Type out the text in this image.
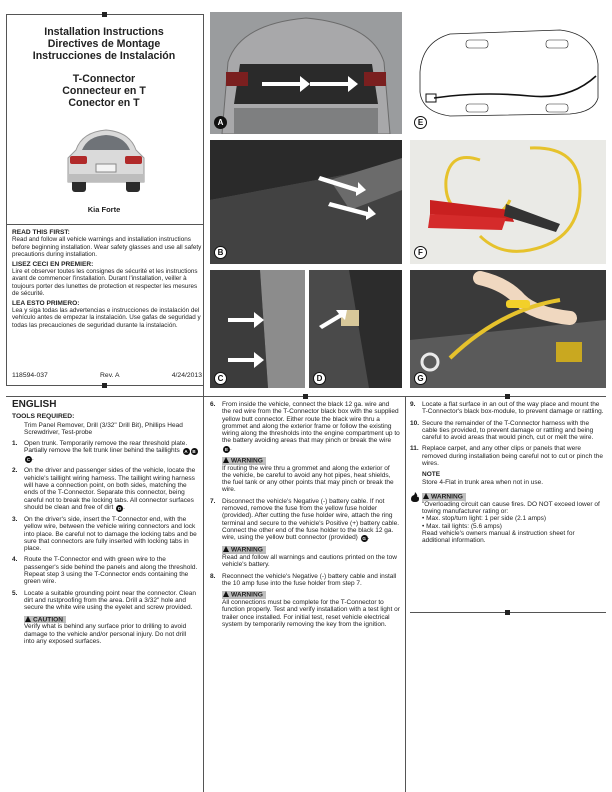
Installation Instructions
Directives de Montage
Instrucciones de Instalación
T-Connector
Connecteur en T
Conector en T
Kia Forte
READ THIS FIRST:

Read and follow all vehicle warnings and installation instructions before beginning installation. Wear safety glasses and use all safety precautions during installation.

LISEZ CECI EN PREMIER:

Lire et observer toutes les consignes de sécurité et les instructions avant de commencer l'installation. Durant l'installation, veiller à toujours porter des lunettes de protection et respecter les mesures de sécurité.

LEA ESTO PRIMERO:

Lea y siga todas las advertencias e instrucciones de instalación del vehículo antes de empezar la instalación. Use gafas de seguridad y todas las precauciones de seguridad durante la instalación.

118594-037	Rev. A	4/24/2013
A	E
B	F
C	D	G
ENGLISH
TOOLS REQUIRED:
Trim Panel Remover, Drill (3/32" Drill Bit), Phillips Head Screwdriver, Test-probe
1.	Open trunk. Temporarily remove the rear threshold plate. Partially remove the felt trunk liner behind the taillights A BC .
2.	On the driver and passenger sides of the vehicle, locate the vehicle's taillight wiring harness. The taillight wiring harness will have a connection point, on both sides, matching the ends of the T-Connector. Separate this connector, being careful not to break the locking tabs. All connector surfaces should be clean and free of dirt D .
3.	On the driver's side, insert the T-Connector end, with the yellow wire, between the vehicle wiring connectors and lock into place. Be careful not to damage the locking tabs and be sure that connectors are fully inserted with locking tabs in place.
4.	Route the T-Connector end with green wire to the passenger's side behind the panels and along the threshold. Repeat step 3 using the T-Connector ends containing the green wire.
5.	Locate a suitable grounding point near the connector. Clean dirt and rustproofing from the area. Drill a 3/32" hole and secure the white wire using the eyelet and screw provided.
CAUTION
Verify what is behind any surface prior to drilling to avoid damage to the vehicle and/or personal injury. Do not drill into any exposed surfaces.
6.	From inside the vehicle, connect the black 12 ga. wire and the red wire from the T-Connector black box with the supplied yellow butt connector. Either route the black wire thru a grommet and along the exterior frame or follow the existing wiring along the thresholds into the engine compartment up to the battery avoiding areas that may pinch or break the wire E .
WARNING
If routing the wire thru a grommet and along the exterior of the vehicle, be careful to avoid any hot pipes, heat shields, the fuel tank or any other points that may pinch or break the wire.
7.	Disconnect the vehicle's Negative (-) battery cable. If not removed, remove the fuse from the yellow fuse holder (provided). After cutting the fuse holder wire, attach the ring terminal and secure to the vehicle's Positive (+) battery cable. Connect the other end of the fuse holder to the black 12 ga. wire, using the yellow butt connector (provided) G .
WARNING
Read and follow all warnings and cautions printed on the tow vehicle's battery.
8.	Reconnect the vehicle's Negative (-) battery cable and install the 10 amp fuse into the fuse holder from step 7.
WARNING
All connections must be complete for the T-Connector to function properly. Test and verify installation with a test light or trailer once installed. For initial test, reset vehicle electrical system by temporarily removing the key from the ignition.
9.	Locate a flat surface in an out of the way place and mount the T-Connector's black box-module, to prevent damage or rattling.
10. Secure the remainder of the T-Connector harness with the cable ties provided, to prevent damage or rattling and being careful to avoid areas that would pinch, cut or melt the wire.
11. Replace carpet, and any other clips or panels that were removed during installation being careful not to cut or pinch the wires.
NOTE
Store 4-Flat in trunk area when not in use.
WARNING
"Overloading circuit can cause fires. DO NOT exceed lower of towing manufacturer rating or:
• Max. stop/turn light: 1 per side (2.1 amps)
• Max. tail lights: (5.6 amps)
Read vehicle's owners manual & instruction sheet for additional information.
